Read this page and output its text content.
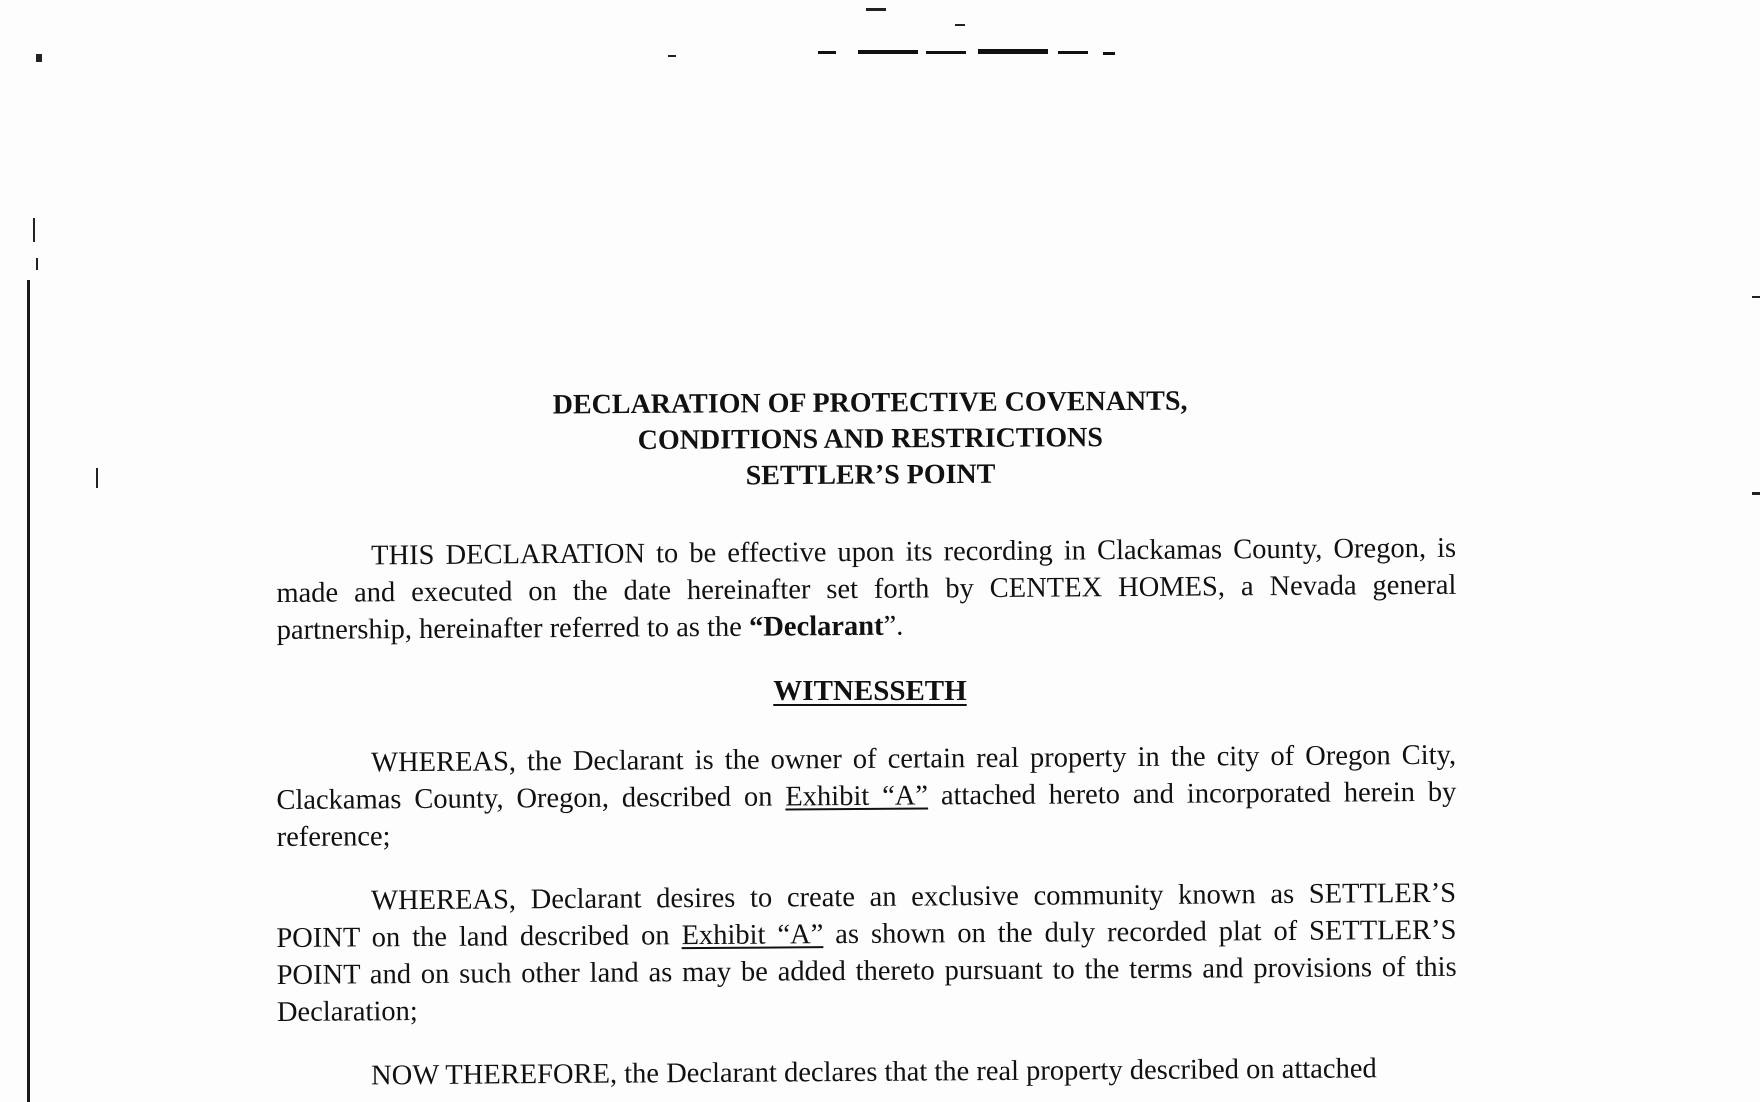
DECLARATION OF PROTECTIVE COVENANTS,
CONDITIONS AND RESTRICTIONS
SETTLER’S POINT
THIS DECLARATION to be effective upon its recording in Clackamas County, Oregon, is made and executed on the date hereinafter set forth by CENTEX HOMES, a Nevada general partnership, hereinafter referred to as the “Declarant”.
WITNESSETH
WHEREAS, the Declarant is the owner of certain real property in the city of Oregon City, Clackamas County, Oregon, described on Exhibit “A” attached hereto and incorporated herein by reference;
WHEREAS, Declarant desires to create an exclusive community known as SETTLER’S POINT on the land described on Exhibit “A” as shown on the duly recorded plat of SETTLER’S POINT and on such other land as may be added thereto pursuant to the terms and provisions of this Declaration;
NOW THEREFORE, the Declarant declares that the real property described on attached
